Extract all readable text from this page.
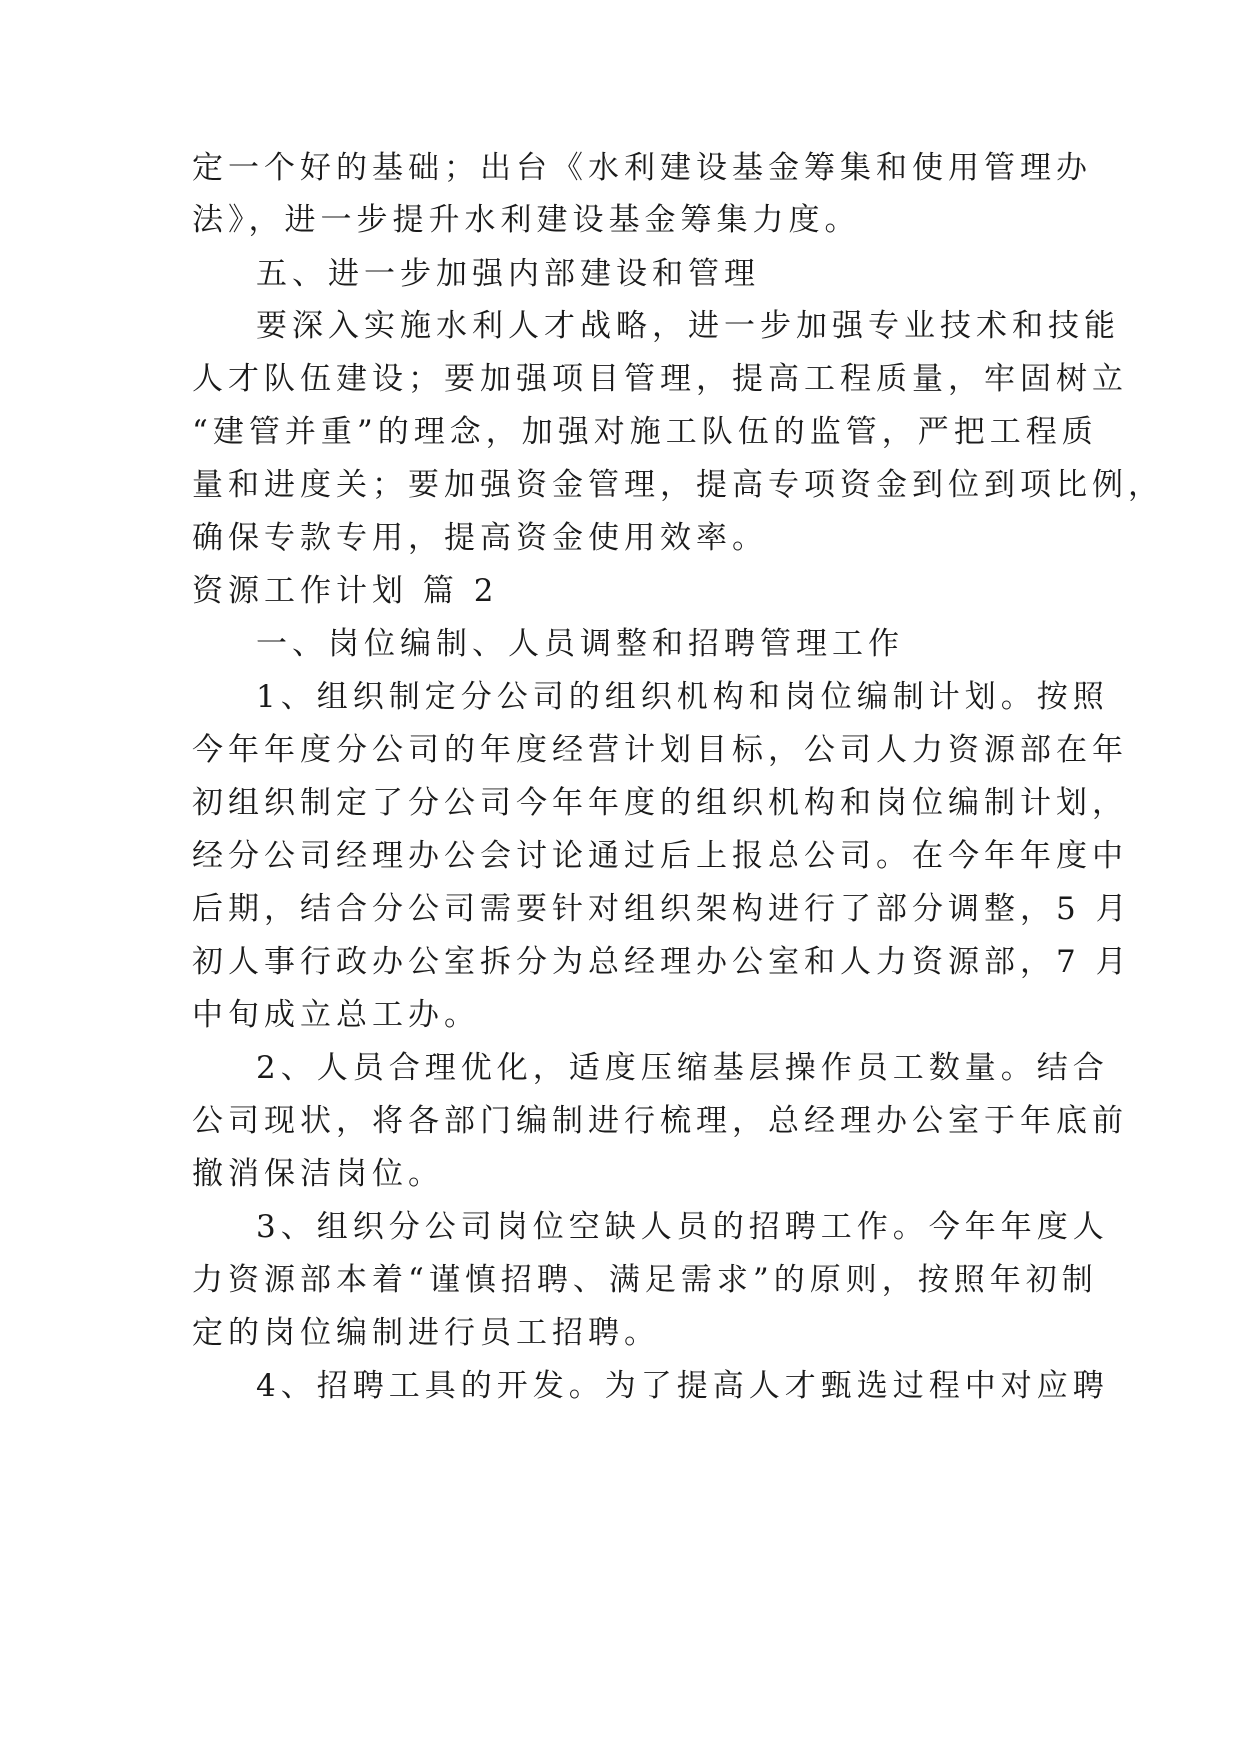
定一个好的基础；出台《水利建设基金筹集和使用管理办
法》，进一步提升水利建设基金筹集力度。
五、进一步加强内部建设和管理
要深入实施水利人才战略，进一步加强专业技术和技能
人才队伍建设；要加强项目管理，提高工程质量，牢固树立
“建管并重”的理念，加强对施工队伍的监管，严把工程质
量和进度关；要加强资金管理，提高专项资金到位到项比例，
确保专款专用，提高资金使用效率。
资源工作计划 篇 2
一、岗位编制、人员调整和招聘管理工作
1、组织制定分公司的组织机构和岗位编制计划。按照
今年年度分公司的年度经营计划目标，公司人力资源部在年
初组织制定了分公司今年年度的组织机构和岗位编制计划，
经分公司经理办公会讨论通过后上报总公司。在今年年度中
后期，结合分公司需要针对组织架构进行了部分调整，5 月
初人事行政办公室拆分为总经理办公室和人力资源部，7 月
中旬成立总工办。
2、人员合理优化，适度压缩基层操作员工数量。结合
公司现状，将各部门编制进行梳理，总经理办公室于年底前
撤消保洁岗位。
3、组织分公司岗位空缺人员的招聘工作。今年年度人
力资源部本着“谨慎招聘、满足需求”的原则，按照年初制
定的岗位编制进行员工招聘。
4、招聘工具的开发。为了提高人才甄选过程中对应聘
